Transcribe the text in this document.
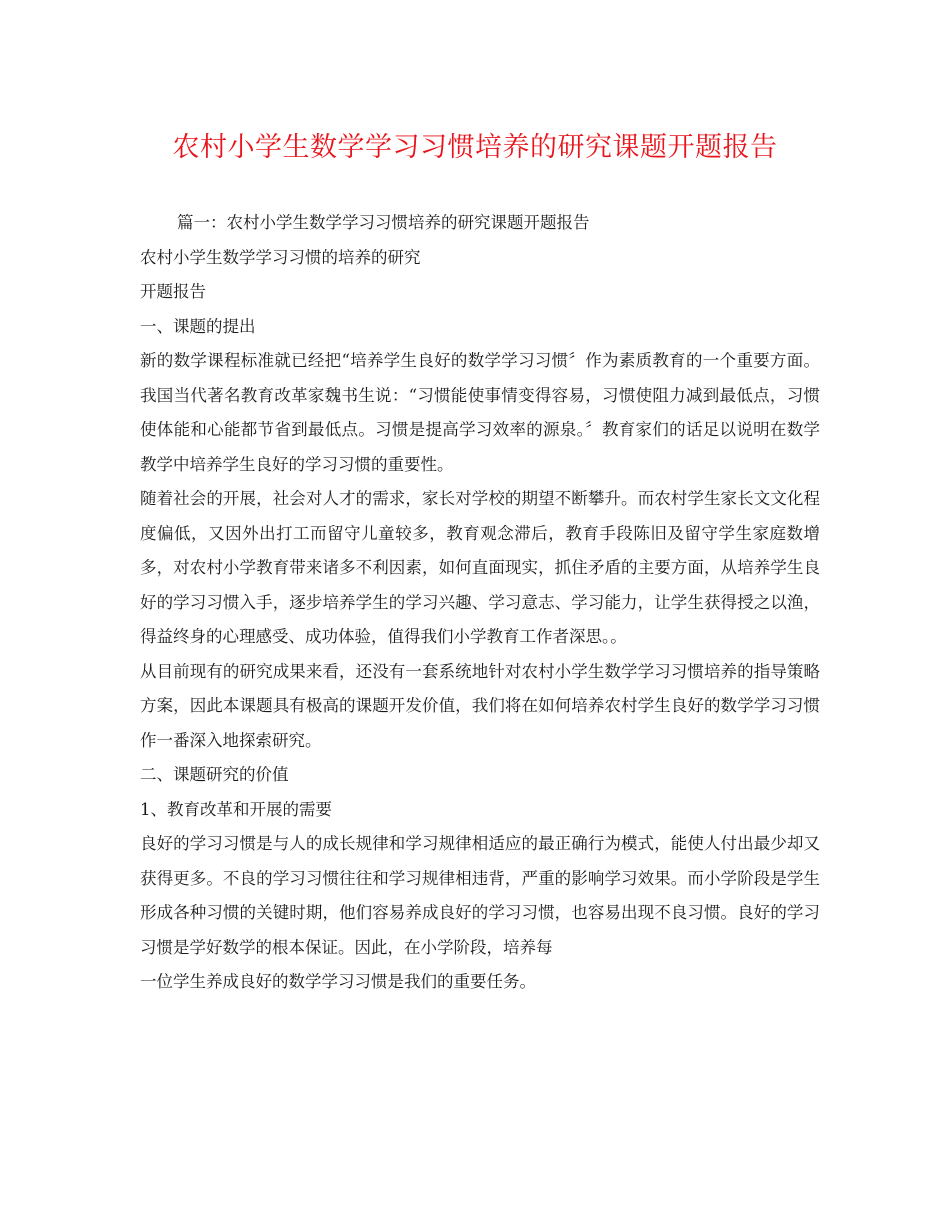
农村小学生数学学习习惯培养的研究课题开题报告

篇一：农村小学生数学学习习惯培养的研究课题开题报告

农村小学生数学学习习惯的培养的研究

开题报告

一、课题的提出

新的数学课程标准就已经把“培养学生良好的数学学习习惯〞作为素质教育的一个重要方面。我国当代著名教育改革家魏书生说：“习惯能使事情变得容易，习惯使阻力减到最低点，习惯使体能和心能都节省到最低点。习惯是提高学习效率的源泉。〞教育家们的话足以说明在数学教学中培养学生良好的学习习惯的重要性。

随着社会的开展，社会对人才的需求，家长对学校的期望不断攀升。而农村学生家长文文化程度偏低，又因外出打工而留守儿童较多，教育观念滞后，教育手段陈旧及留守学生家庭数增多，对农村小学教育带来诸多不利因素，如何直面现实，抓住矛盾的主要方面，从培养学生良好的学习习惯入手，逐步培养学生的学习兴趣、学习意志、学习能力，让学生获得授之以渔，得益终身的心理感受、成功体验，值得我们小学教育工作者深思。。

从目前现有的研究成果来看，还没有一套系统地针对农村小学生数学学习习惯培养的指导策略方案，因此本课题具有极高的课题开发价值，我们将在如何培养农村学生良好的数学学习习惯作一番深入地探索研究。

二、课题研究的价值

1、教育改革和开展的需要

良好的学习习惯是与人的成长规律和学习规律相适应的最正确行为模式，能使人付出最少却又获得更多。不良的学习习惯往往和学习规律相违背，严重的影响学习效果。而小学阶段是学生形成各种习惯的关键时期，他们容易养成良好的学习习惯，也容易出现不良习惯。良好的学习习惯是学好数学的根本保证。因此，在小学阶段，培养每

一位学生养成良好的数学学习习惯是我们的重要任务。
